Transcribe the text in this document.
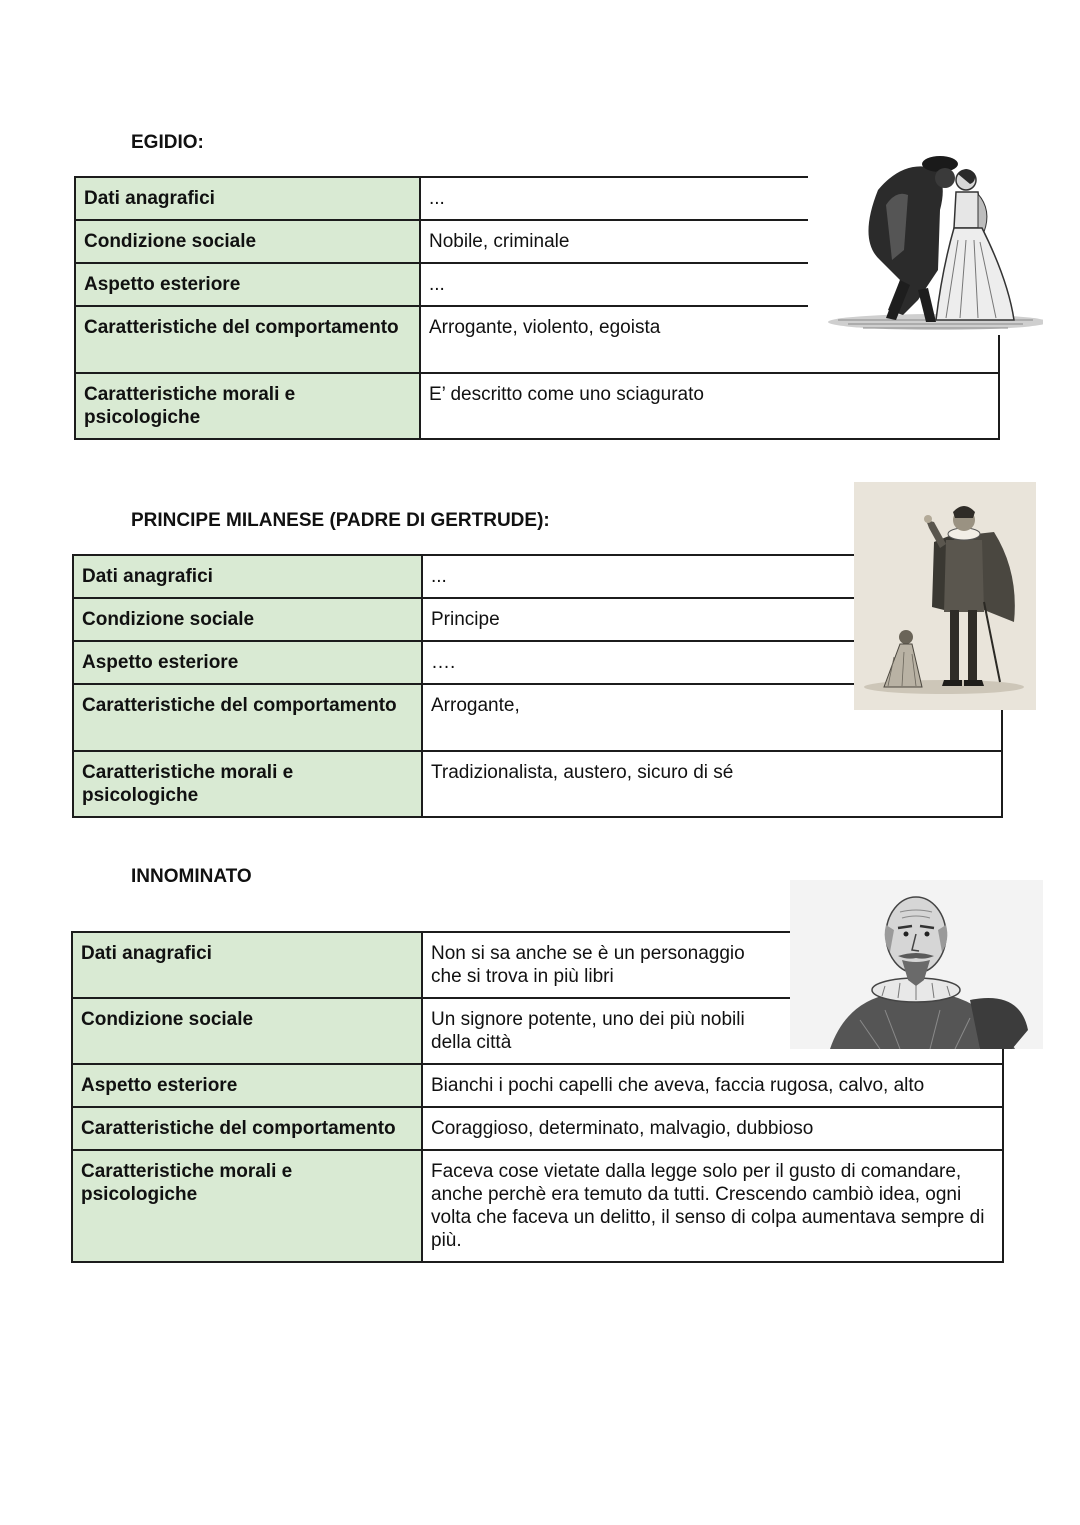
EGIDIO:
Dati anagrafici	...
Condizione sociale	Nobile, criminale
Aspetto esteriore	...
Caratteristiche del comportamento	Arrogante, violento, egoista
Caratteristiche morali e psicologiche	E’ descritto come uno sciagurato
PRINCIPE MILANESE (PADRE DI GERTRUDE):
Dati anagrafici	...
Condizione sociale	Principe
Aspetto esteriore	….
Caratteristiche del comportamento	Arrogante,
Caratteristiche morali e psicologiche	Tradizionalista, austero, sicuro di sé
INNOMINATO
Dati anagrafici	Non si sa anche se è un personaggio che si trova in più libri

Condizione sociale	Un signore potente, uno dei più nobili della città

Aspetto esteriore	Bianchi i pochi capelli che aveva, faccia rugosa, calvo, alto
Caratteristiche del comportamento	Coraggioso, determinato, malvagio, dubbioso
Caratteristiche morali e psicologiche	Faceva cose vietate dalla legge solo per il gusto di comandare, anche perchè era temuto da tutti. Crescendo cambiò idea, ogni volta che faceva un delitto, il senso di colpa aumentava sempre di più.
